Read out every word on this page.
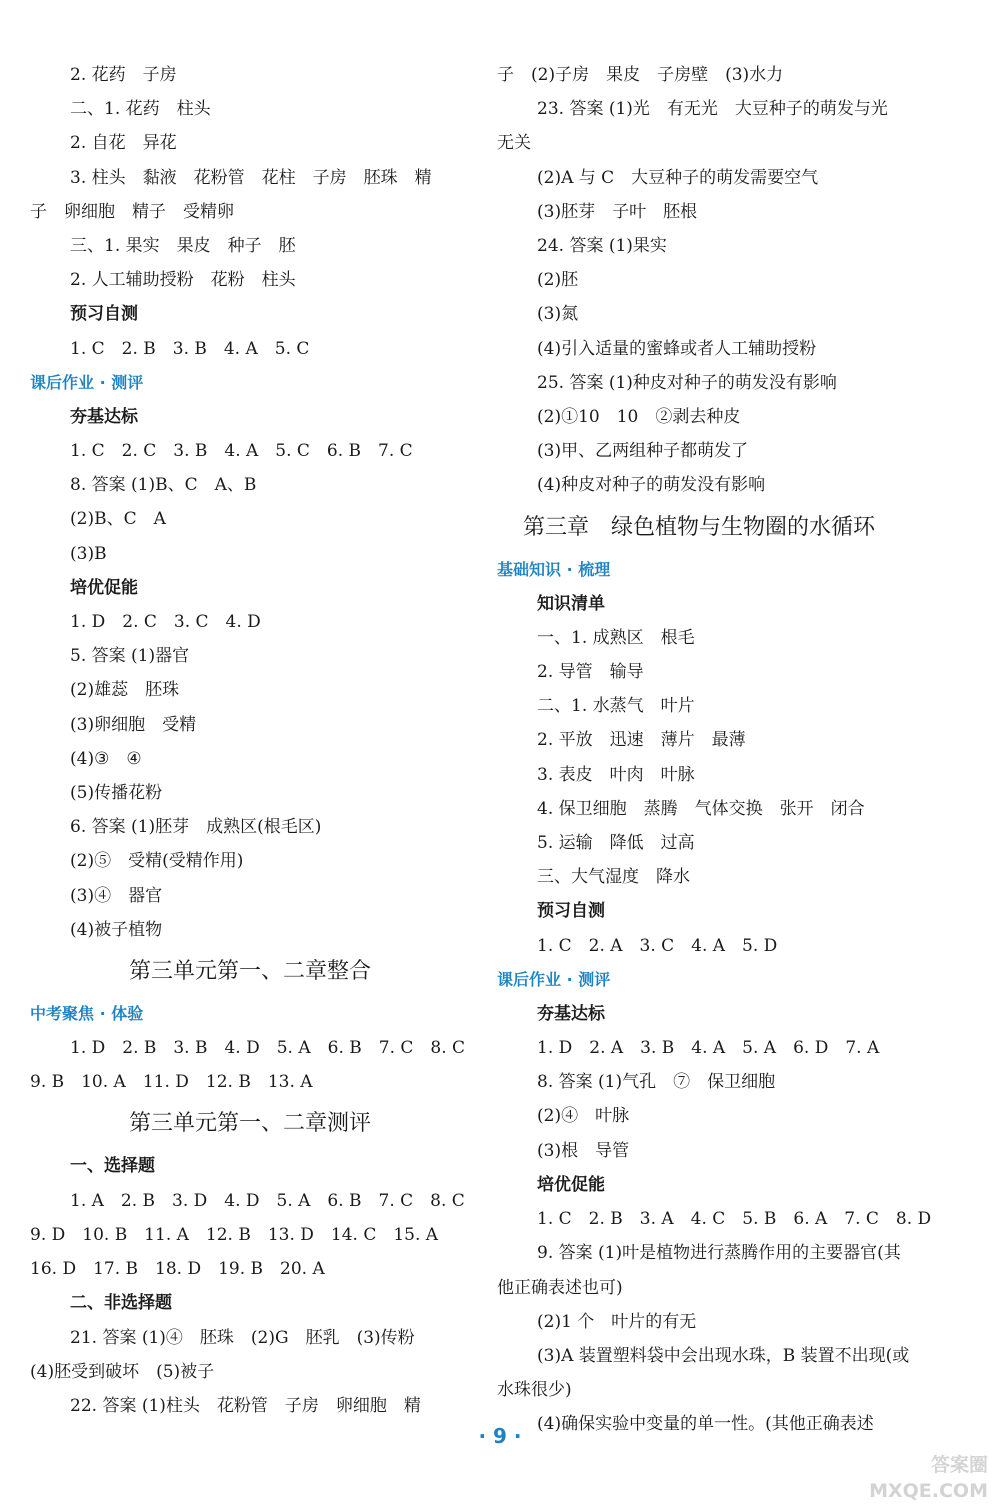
2. 花药　子房
二、1. 花药　柱头
2. 自花　异花
3. 柱头　黏液　花粉管　花柱　子房　胚珠　精
子　卵细胞　精子　受精卵
三、1. 果实　果皮　种子　胚
2. 人工辅助授粉　花粉　柱头
预习自测
1. C　2. B　3. B　4. A　5. C
课后作业 · 测评
夯基达标
1. C　2. C　3. B　4. A　5. C　6. B　7. C
8. 答案 (1)B、C　A、B
(2)B、C　A
(3)B
培优促能
1. D　2. C　3. C　4. D
5. 答案 (1)器官
(2)雄蕊　胚珠
(3)卵细胞　受精
(4)③　④
(5)传播花粉
6. 答案 (1)胚芽　成熟区(根毛区)
(2)⑤　受精(受精作用)
(3)④　器官
(4)被子植物
第三单元第一、二章整合
中考聚焦 · 体验
1. D　2. B　3. B　4. D　5. A　6. B　7. C　8. C
9. B　10. A　11. D　12. B　13. A
第三单元第一、二章测评
一、选择题
1. A　2. B　3. D　4. D　5. A　6. B　7. C　8. C
9. D　10. B　11. A　12. B　13. D　14. C　15. A
16. D　17. B　18. D　19. B　20. A
二、非选择题
21. 答案 (1)④　胚珠　(2)G　胚乳　(3)传粉
(4)胚受到破坏　(5)被子
22. 答案 (1)柱头　花粉管　子房　卵细胞　精
子　(2)子房　果皮　子房壁　(3)水力
23. 答案 (1)光　有无光　大豆种子的萌发与光
无关
(2)A 与 C　大豆种子的萌发需要空气
(3)胚芽　子叶　胚根
24. 答案 (1)果实
(2)胚
(3)氮
(4)引入适量的蜜蜂或者人工辅助授粉
25. 答案 (1)种皮对种子的萌发没有影响
(2)①10　10　②剥去种皮
(3)甲、乙两组种子都萌发了
(4)种皮对种子的萌发没有影响
第三章　绿色植物与生物圈的水循环
基础知识 · 梳理
知识清单
一、1. 成熟区　根毛
2. 导管　输导
二、1. 水蒸气　叶片
2. 平放　迅速　薄片　最薄
3. 表皮　叶肉　叶脉
4. 保卫细胞　蒸腾　气体交换　张开　闭合
5. 运输　降低　过高
三、大气湿度　降水
预习自测
1. C　2. A　3. C　4. A　5. D
课后作业 · 测评
夯基达标
1. D　2. A　3. B　4. A　5. A　6. D　7. A
8. 答案 (1)气孔　⑦　保卫细胞
(2)④　叶脉
(3)根　导管
培优促能
1. C　2. B　3. A　4. C　5. B　6. A　7. C　8. D
9. 答案 (1)叶是植物进行蒸腾作用的主要器官(其
他正确表述也可)
(2)1 个　叶片的有无
(3)A 装置塑料袋中会出现水珠，B 装置不出现(或
水珠很少)
(4)确保实验中变量的单一性。(其他正确表述
· 9 ·
答案圈
MXQE.COM
